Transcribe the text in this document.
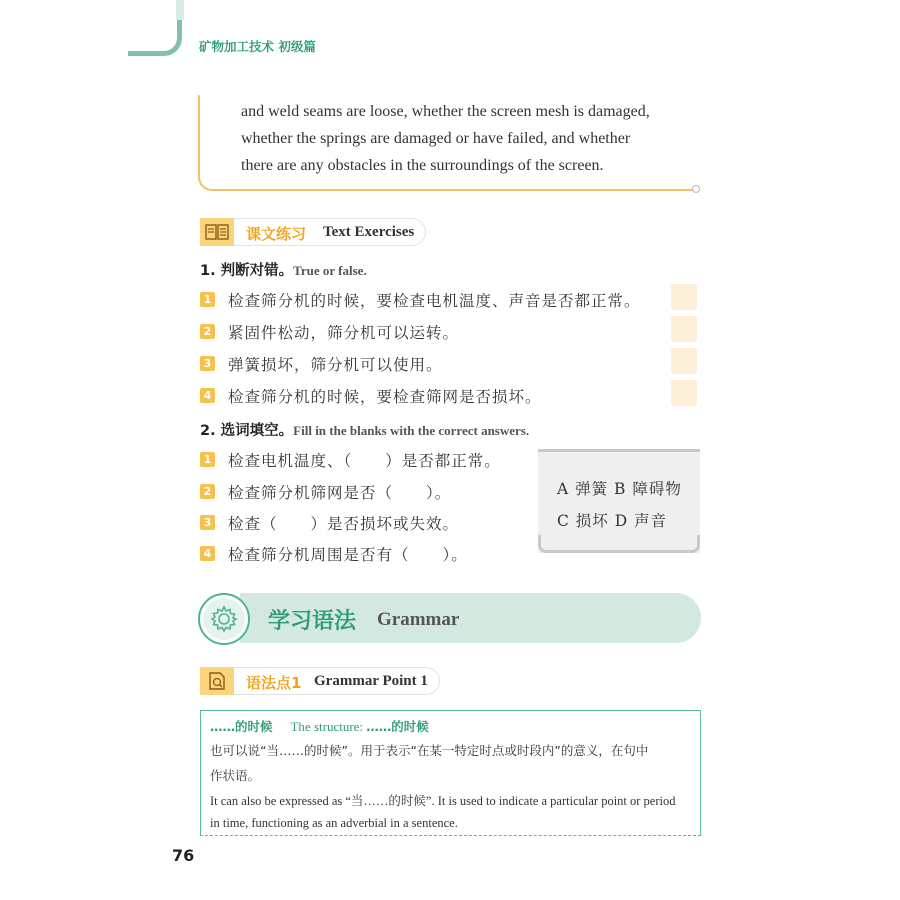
矿物加工技术 初级篇
and weld seams are loose, whether the screen mesh is damaged,
whether the springs are damaged or have failed, and whether
there are any obstacles in the surroundings of the screen.
课文练习 Text Exercises
1. 判断对错。True or false.
1 检查筛分机的时候，要检查电机温度、声音是否都正常。
2 紧固件松动，筛分机可以运转。
3 弹簧损坏，筛分机可以使用。
4 检查筛分机的时候，要检查筛网是否损坏。
2. 选词填空。Fill in the blanks with the correct answers.
1 检查电机温度、（　　）是否都正常。
2 检查筛分机筛网是否（　　）。
3 检查（　　）是否损坏或失效。
4 检查筛分机周围是否有（　　）。
A 弹簧 B 障碍物
C 损坏 D 声音
学习语法 Grammar
语法点1 Grammar Point 1
……的时候 The structure: ……的时候
也可以说“当……的时候”。用于表示“在某一特定时点或时段内”的意义，在句中
作状语。
It can also be expressed as “当……的时候”. It is used to indicate a particular point or period
in time, functioning as an adverbial in a sentence.
76
